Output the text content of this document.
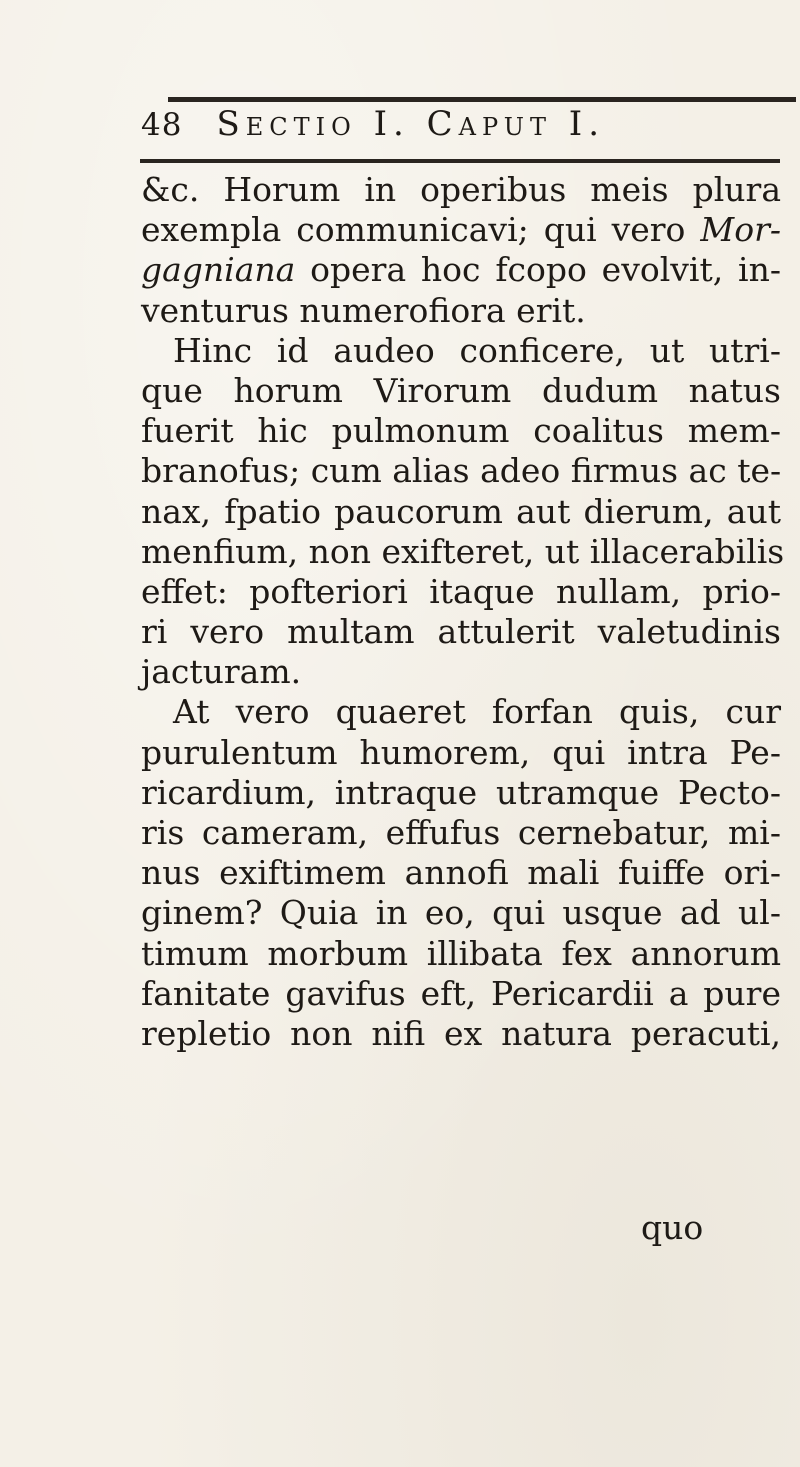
48 Sectio I. Caput I.
&c. Horum in operibus meis plura
exempla communicavi; qui vero Mor-
gagniana opera hoc fcopo evolvit, in-
venturus numerofiora erit.
Hinc id audeo conficere, ut utri-
que horum Virorum dudum natus
fuerit hic pulmonum coalitus mem-
branofus; cum alias adeo firmus ac te-
nax, fpatio paucorum aut dierum, aut
menfium, non exifteret, ut illacerabilis
effet: pofteriori itaque nullam, prio-
ri vero multam attulerit valetudinis
jacturam.
At vero quaeret forfan quis, cur
purulentum humorem, qui intra Pe-
ricardium, intraque utramque Pecto-
ris cameram, effufus cernebatur, mi-
nus exiftimem annofi mali fuiffe ori-
ginem? Quia in eo, qui usque ad ul-
timum morbum illibata fex annorum
fanitate gavifus eft, Pericardii a pure
repletio non nifi ex natura peracuti,
quo
